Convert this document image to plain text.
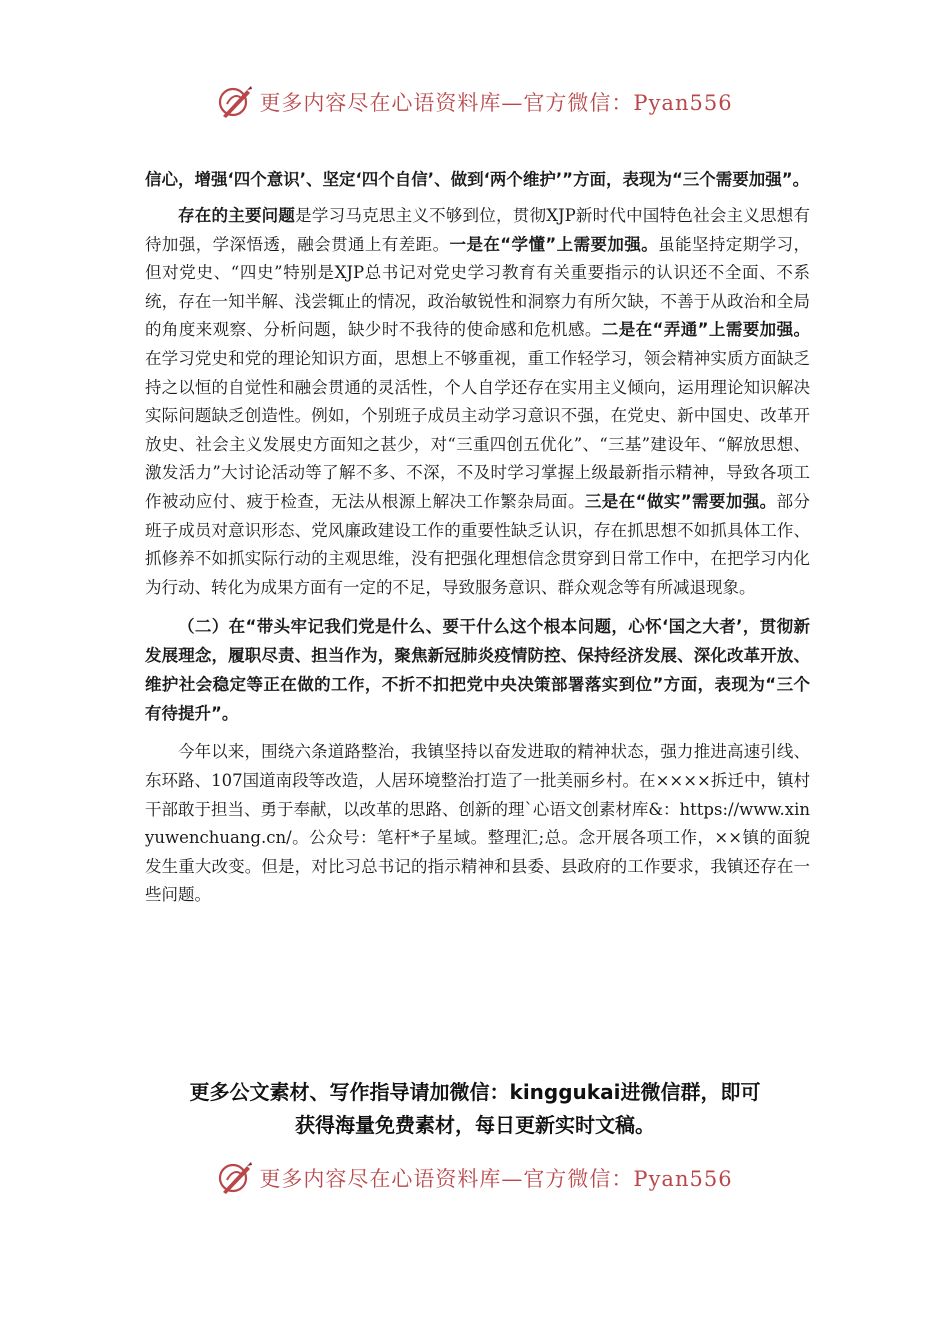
更多内容尽在心语资料库—官方微信：Pyan556

信心，增强‘四个意识’、坚定‘四个自信’、做到‘两个维护’”方面，表现为“三个需要加强”。

存在的主要问题是学习马克思主义不够到位，贯彻XJP新时代中国特色社会主义思想有待加强，学深悟透，融会贯通上有差距。一是在“学懂”上需要加强。虽能坚持定期学习，但对党史、“四史”特别是XJP总书记对党史学习教育有关重要指示的认识还不全面、不系统，存在一知半解、浅尝辄止的情况，政治敏锐性和洞察力有所欠缺，不善于从政治和全局的角度来观察、分析问题，缺少时不我待的使命感和危机感。二是在“弄通”上需要加强。在学习党史和党的理论知识方面，思想上不够重视，重工作轻学习，领会精神实质方面缺乏持之以恒的自觉性和融会贯通的灵活性，个人自学还存在实用主义倾向，运用理论知识解决实际问题缺乏创造性。例如，个别班子成员主动学习意识不强，在党史、新中国史、改革开放史、社会主义发展史方面知之甚少，对“三重四创五优化”、“三基”建设年、“解放思想、激发活力”大讨论活动等了解不多、不深，不及时学习掌握上级最新指示精神，导致各项工作被动应付、疲于检查，无法从根源上解决工作繁杂局面。三是在“做实”需要加强。部分班子成员对意识形态、党风廉政建设工作的重要性缺乏认识，存在抓思想不如抓具体工作、抓修养不如抓实际行动的主观思维，没有把强化理想信念贯穿到日常工作中，在把学习内化为行动、转化为成果方面有一定的不足，导致服务意识、群众观念等有所减退现象。

（二）在“带头牢记我们党是什么、要干什么这个根本问题，心怀‘国之大者’，贯彻新发展理念，履职尽责、担当作为，聚焦新冠肺炎疫情防控、保持经济发展、深化改革开放、维护社会稳定等正在做的工作，不折不扣把党中央决策部署落实到位”方面，表现为“三个有待提升”。

今年以来，围绕六条道路整治，我镇坚持以奋发进取的精神状态，强力推进高速引线、东环路、107国道南段等改造，人居环境整治打造了一批美丽乡村。在××××拆迁中，镇村干部敢于担当、勇于奉献，以改革的思路、创新的理`心语文创素材库&：https://www.xinyuwenchuang.cn/。公众号：笔杆*子星域。整理汇;总。念开展各项工作，××镇的面貌发生重大改变。但是，对比习总书记的指示精神和县委、县政府的工作要求，我镇还存在一些问题。

更多公文素材、写作指导请加微信：kinggukai进微信群，即可
获得海量免费素材，每日更新实时文稿。
更多内容尽在心语资料库—官方微信：Pyan556
